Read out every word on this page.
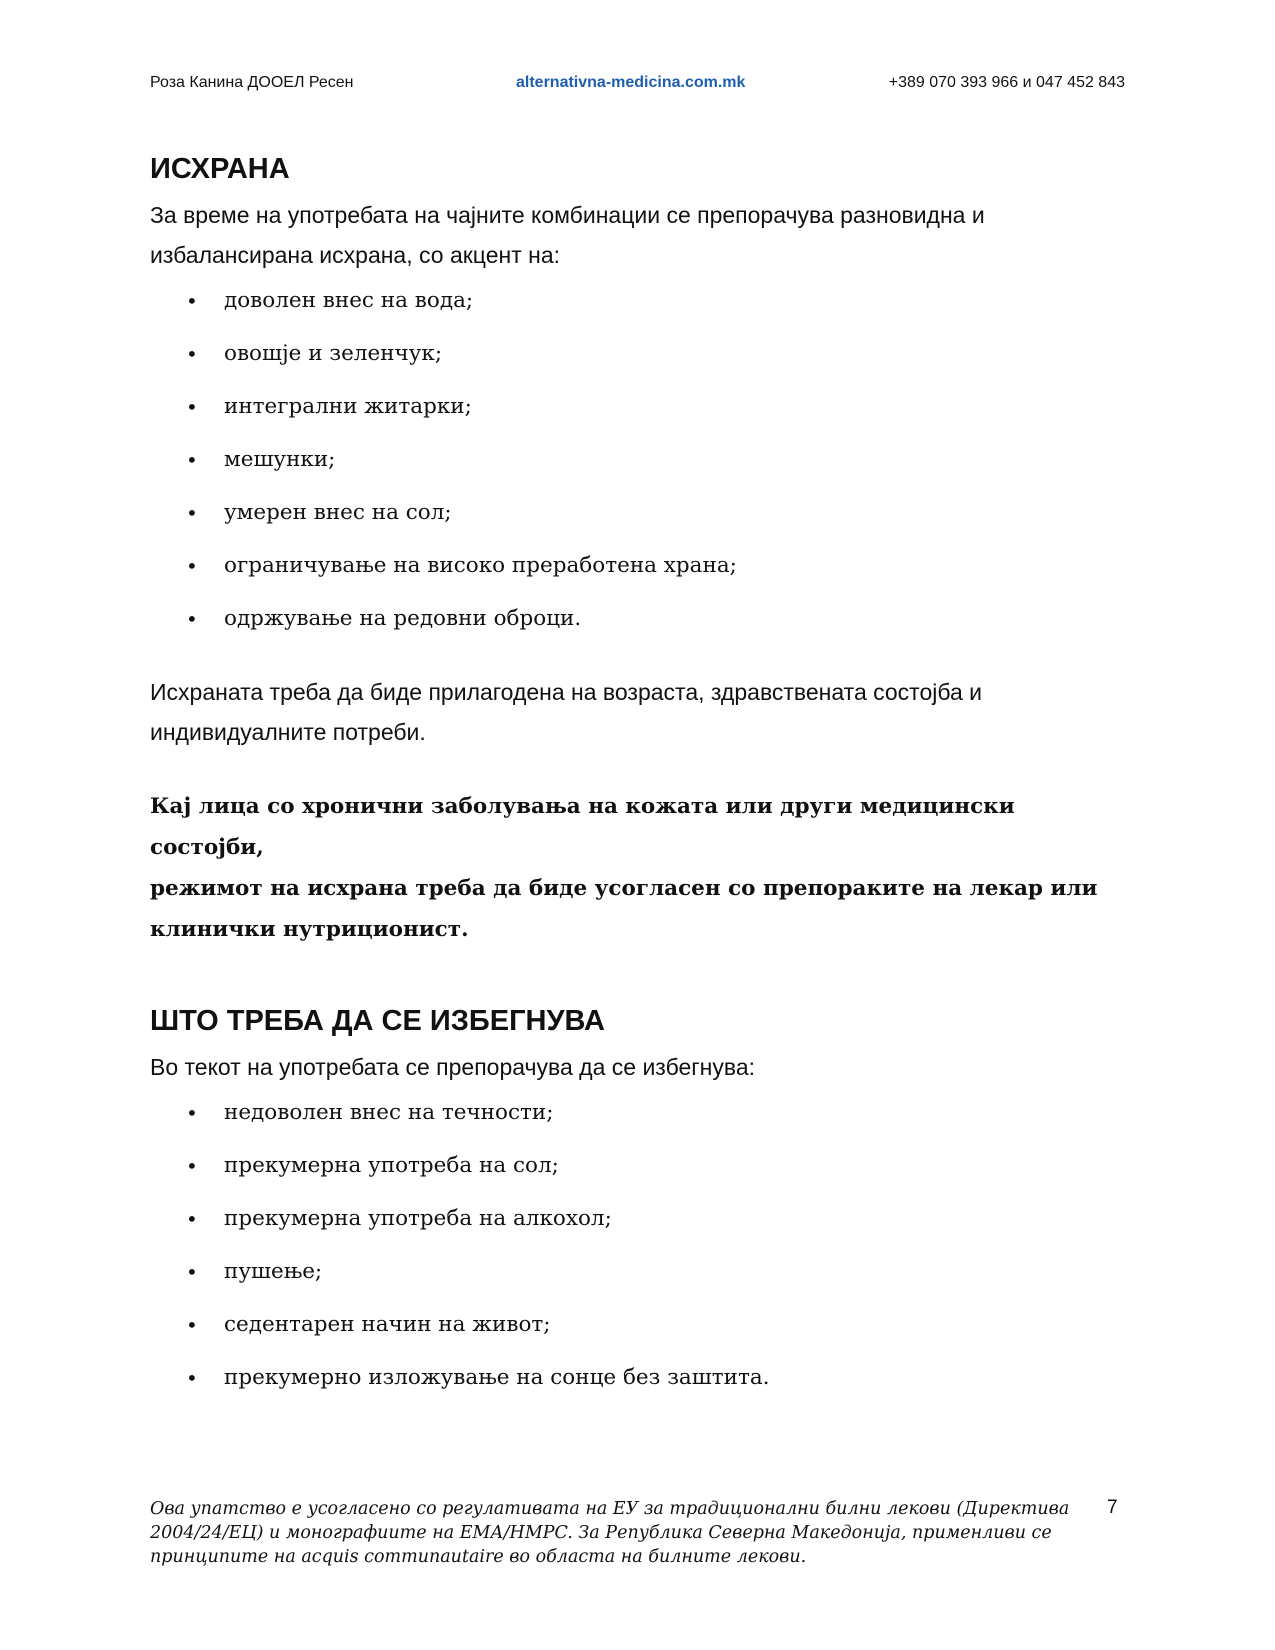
Роза Канина ДООЕЛ Ресен	alternativna-medicina.com.mk	+389 070 393 966 и 047 452 843
ИСХРАНА

За време на употребата на чајните комбинации се препорачува разновидна и
избалансирана исхрана, со акцент на:

• доволен внес на вода;
• овошје и зеленчук;
• интегрални житарки;
• мешунки;
• умерен внес на сол;
• ограничување на високо преработена храна;
• одржување на редовни оброци.

Исхраната треба да биде прилагодена на возраста, здравствената состојба и
индивидуалните потреби.

Кај лица со хронични заболувања на кожата или други медицински состојби,
режимот на исхрана треба да биде усогласен со препораките на лекар или
клинички нутриционист.

ШТО ТРЕБА ДА СЕ ИЗБЕГНУВА

Во текот на употребата се препорачува да се избегнува:

• недоволен внес на течности;
• прекумерна употреба на сол;
• прекумерна употреба на алкохол;
• пушење;
• седентарен начин на живот;
• прекумерно изложување на сонце без заштита.
Ова упатство е усогласено со регулативата на ЕУ за традиционални билни лекови (Директива
2004/24/ЕЦ) и монографиите на ЕМА/HMPC. За Република Северна Македонија, применливи се
принципите на acquis communautaire во областа на билните лекови.
7
